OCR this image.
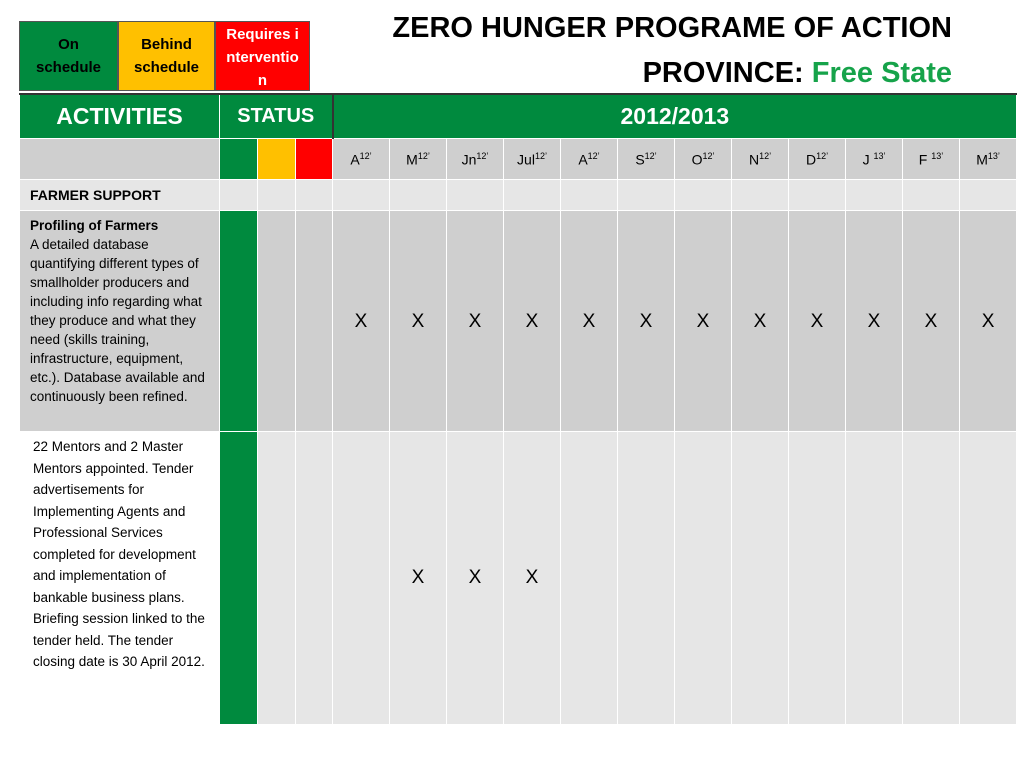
On schedule
Behind schedule
Requires intervention
ZERO HUNGER PROGRAME OF ACTION
PROVINCE: Free State
ACTIVITIES	STATUS			2012/2013											
				$A^{12’}$	$M^{12’}$	$Jn^{12’}$	Jul$^{12’}$	$A^{12’}$	$S^{12’}$	$O^{12’}$	$N^{12’}$	$D^{12’}$	J $^{13’}$	F $^{13’}$	$M^{13’}$
FARMER SUPPORT															

Profiling of Farmers
A detailed database quantifying different types of smallholder producers and including info regarding what they produce and what they need (skills training, infrastructure, equipment, etc.). Database available and continuously been refined.				X	X	X	X	X	X	X	X	X	X	X	X

22 Mentors and 2 Master Mentors appointed. Tender advertisements for Implementing Agents and Professional Services completed for development and implementation of bankable business plans. Briefing session linked to the tender held. The tender closing date is 30 April 2012.					X	X	X								
